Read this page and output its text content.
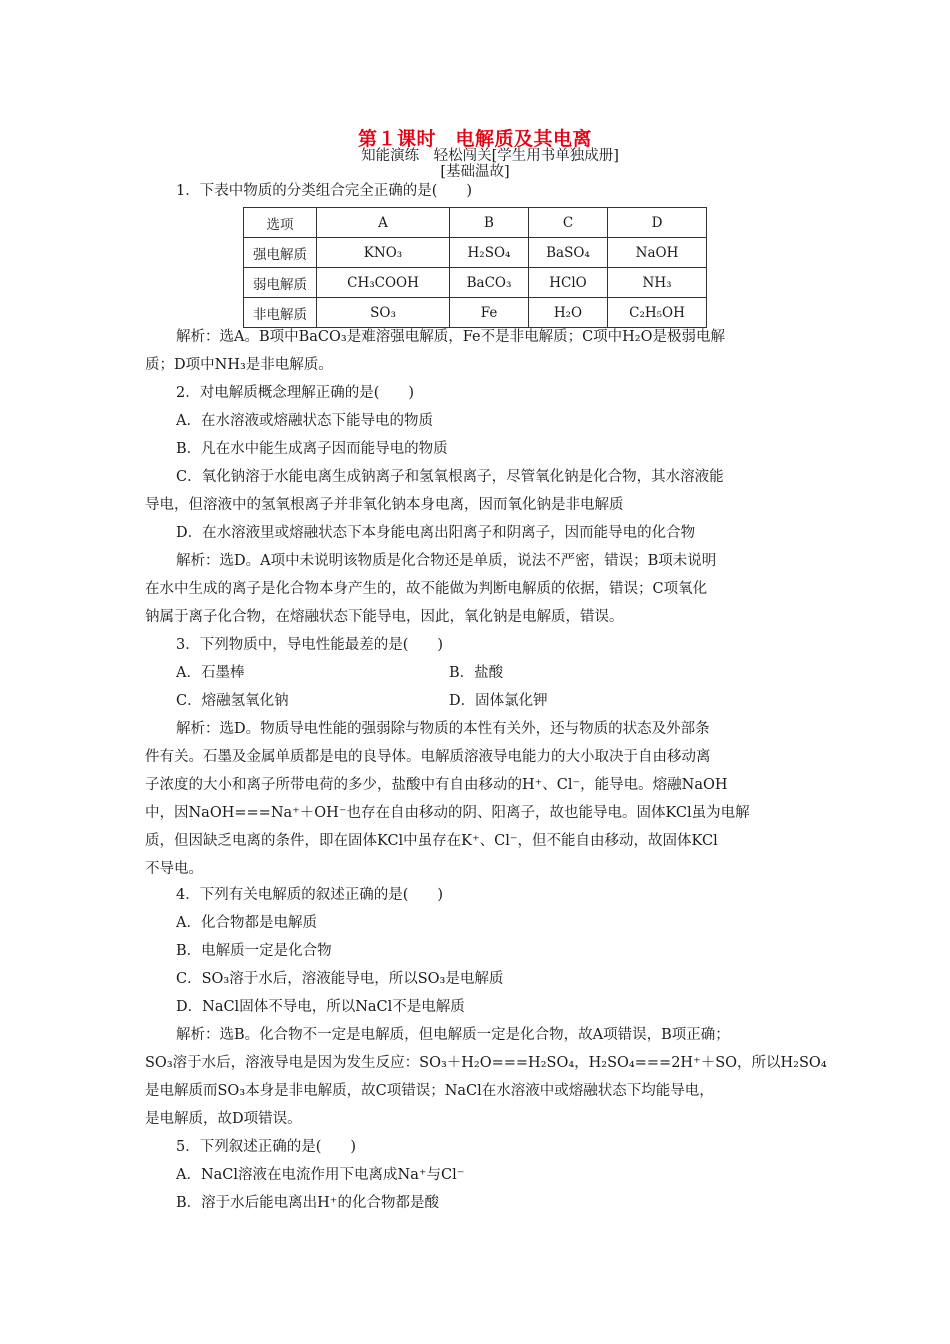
第１课时　电解质及其电离
知能演练　轻松闯关[学生用书单独成册]
[基础温故]
1．下表中物质的分类组合完全正确的是(　　)
选项	A	B	C	D
强电解质	KNO₃	H₂SO₄	BaSO₄	NaOH
弱电解质	CH₃COOH	BaCO₃	HClO	NH₃
非电解质	SO₃	Fe	H₂O	C₂H₅OH
解析：选A。B项中BaCO₃是难溶强电解质，Fe不是非电解质；C项中H₂O是极弱电解
质；D项中NH₃是非电解质。
2．对电解质概念理解正确的是(　　)
A．在水溶液或熔融状态下能导电的物质
B．凡在水中能生成离子因而能导电的物质
C．氧化钠溶于水能电离生成钠离子和氢氧根离子，尽管氧化钠是化合物，其水溶液能
导电，但溶液中的氢氧根离子并非氧化钠本身电离，因而氧化钠是非电解质
D．在水溶液里或熔融状态下本身能电离出阳离子和阴离子，因而能导电的化合物
解析：选D。A项中未说明该物质是化合物还是单质，说法不严密，错误；B项未说明
在水中生成的离子是化合物本身产生的，故不能做为判断电解质的依据，错误；C项氧化
钠属于离子化合物，在熔融状态下能导电，因此，氧化钠是电解质，错误。
3．下列物质中，导电性能最差的是(　　)
A．石墨棒	B．盐酸
C．熔融氢氧化钠	D．固体氯化钾
解析：选D。物质导电性能的强弱除与物质的本性有关外，还与物质的状态及外部条
件有关。石墨及金属单质都是电的良导体。电解质溶液导电能力的大小取决于自由移动离
子浓度的大小和离子所带电荷的多少，盐酸中有自由移动的H⁺、Cl⁻，能导电。熔融NaOH
中，因NaOH===Na⁺＋OH⁻也存在自由移动的阴、阳离子，故也能导电。固体KCl虽为电解
质，但因缺乏电离的条件，即在固体KCl中虽存在K⁺、Cl⁻，但不能自由移动，故固体KCl
不导电。
4．下列有关电解质的叙述正确的是(　　)
A．化合物都是电解质
B．电解质一定是化合物
C．SO₃溶于水后，溶液能导电，所以SO₃是电解质
D．NaCl固体不导电，所以NaCl不是电解质
解析：选B。化合物不一定是电解质，但电解质一定是化合物，故A项错误，B项正确；
SO₃溶于水后，溶液导电是因为发生反应：SO₃＋H₂O===H₂SO₄，H₂SO₄===2H⁺＋SO，所以H₂SO₄
是电解质而SO₃本身是非电解质，故C项错误；NaCl在水溶液中或熔融状态下均能导电，
是电解质，故D项错误。
5．下列叙述正确的是(　　)
A．NaCl溶液在电流作用下电离成Na⁺与Cl⁻
B．溶于水后能电离出H⁺的化合物都是酸
